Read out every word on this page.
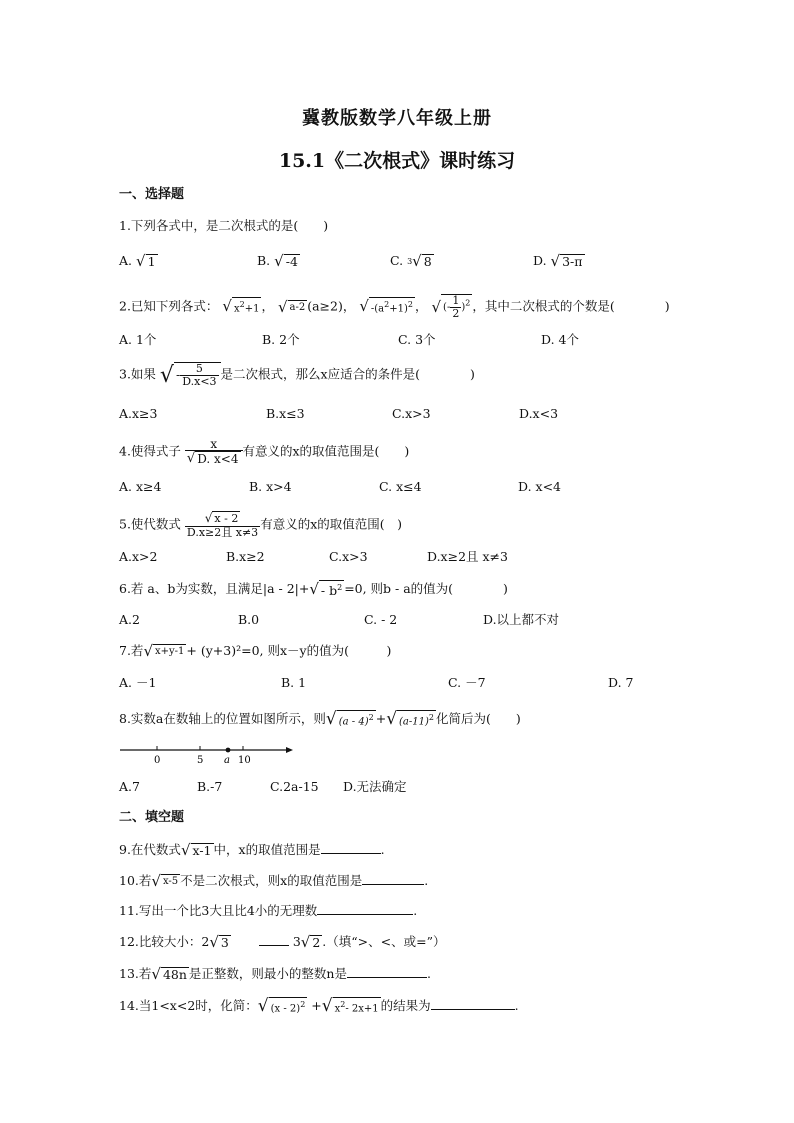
冀教版数学八年级上册
15.1《二次根式》课时练习
一、选择题
1.下列各式中，是二次根式的是(　　)
A. √ 1	B. √ -4	C. 3 √ 8	D. √ 3-π
2.已知下列各式： √ $x^2+1$ ， √ a-2 (a≥2)， √ $-(a^2+1)^2$ ， √ (- $\frac{1}{2} )^2$ ，其中二次根式的个数是(　　　　)
A. 1个	B. 2个	C. 3个	D. 4个
3.如果 √ - $\frac{5}{D.x<3}$ 是二次根式，那么x应适合的条件是(　　　　)
A.x≥3	B.x≤3	C.x>3	D.x<3
4.使得式子 $\frac{x}{√ D. x<4}$ 有意义的x的取值范围是(　　)
A. x≥4	B. x>4	C. x≤4	D. x<4
5.使代数式 $\frac{√ x - 2}{\text{D.x≥2且 x≠3}}$ 有意义的x的取值范围(　)
A.x>2	B.x≥2	C.x>3	D.x≥2且 x≠3
6.若 a、b为实数，且满足|a - 2|+ √ - $b^2 =0$, 则b - a的值为(　　　　)
A.2	B.0	C. - 2	D.以上都不对
7.若 √ x+y-1 + (y+3)²=0, 则x－y的值为(　　　)
A. －1	B. 1	C. －7	D. 7
8.实数a在数轴上的位置如图所示，则 √ (a - 4)$^2$ + √ $(a-11)^2$ 化简后为(　　)
0	5 a 10
A.7	B.-7	C.2a-15 D.无法确定
二、填空题
9.在代数式 √ x-1 中，x的取值范围是	.
10.若 √ x-5 不是二次根式，则x的取值范围是	.
11.写出一个比3大且比4小的无理数	.
12.比较大小：2 √ 3	3 √ 2 .（填“>、<、或=”）
13.若 √ 48n 是正整数，则最小的整数n是	.
14.当1<x<2时，化简： √ (x - 2)$^2$ + √ $x^2-$ 2x+1 的结果为	.
